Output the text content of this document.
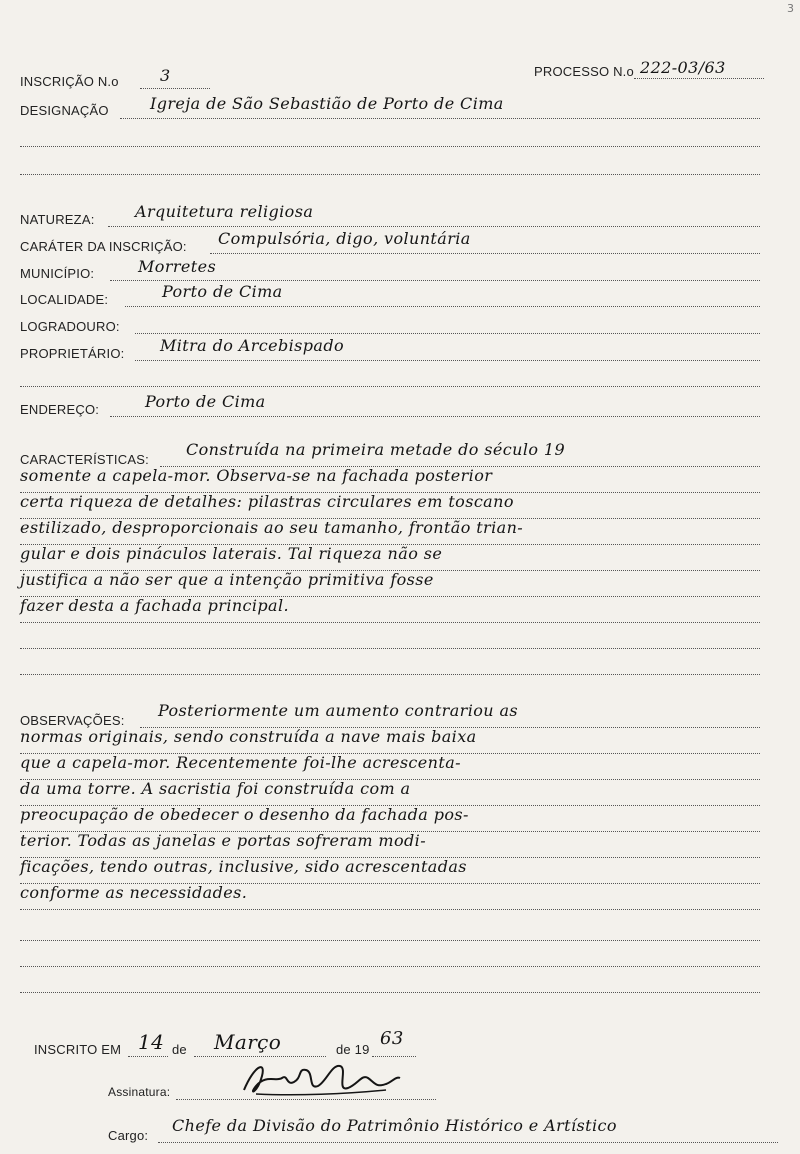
3
INSCRIÇÃO N.o	3	PROCESSO N.o 222-03/63
DESIGNAÇÃO	Igreja de São Sebastião de Porto de Cima
NATUREZA:	Arquitetura religiosa
CARÁTER DA INSCRIÇÃO: Compulsória, digo, voluntária
MUNICÍPIO:	Morretes
LOCALIDADE:	Porto de Cima
LOGRADOURO:
PROPRIETÁRIO: Mitra do Arcebispado
ENDEREÇO:	Porto de Cima
CARACTERÍSTICAS:
Construída na primeira metade do século 19
somente a capela-mor. Observa-se na fachada posterior
certa riqueza de detalhes: pilastras circulares em toscano
estilizado, desproporcionais ao seu tamanho, frontão trian-
gular e dois pináculos laterais. Tal riqueza não se
justifica a não ser que a intenção primitiva fosse
fazer desta a fachada principal.
OBSERVAÇÕES:
Posteriormente um aumento contrariou as
normas originais, sendo construída a nave mais baixa
que a capela-mor. Recentemente foi-lhe acrescenta-
da uma torre. A sacristia foi construída com a
preocupação de obedecer o desenho da fachada pos-
terior. Todas as janelas e portas sofreram modi-
ficações, tendo outras, inclusive, sido acrescentadas
conforme as necessidades.
INSCRITO EM 14 de Março	de 19
63
Assinatura:
Cargo:
Chefe da Divisão do Patrimônio Histórico e Artístico
